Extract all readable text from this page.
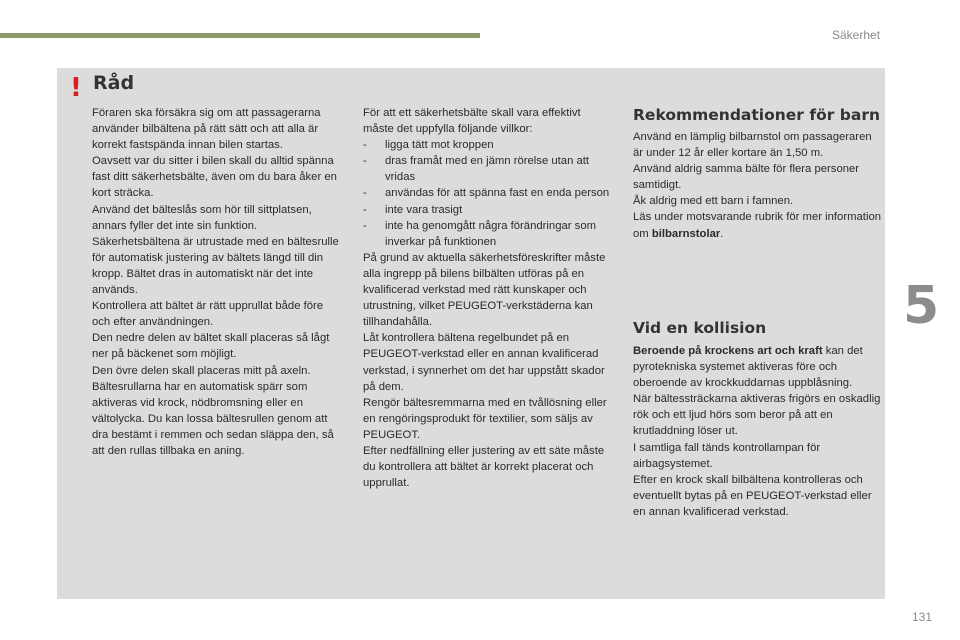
Säkerhet
5
! Råd

Föraren ska försäkra sig om att passagerarna använder bilbältena på rätt sätt och att alla är korrekt fastspända innan bilen startas.

Oavsett var du sitter i bilen skall du alltid spänna fast ditt säkerhetsbälte, även om du bara åker en kort sträcka.

Använd det bälteslås som hör till sittplatsen, annars fyller det inte sin funktion.

Säkerhetsbältena är utrustade med en bältesrulle för automatisk justering av bältets längd till din kropp. Bältet dras in automatiskt när det inte används.

Kontrollera att bältet är rätt upprullat både före och efter användningen.

Den nedre delen av bältet skall placeras så lågt ner på bäckenet som möjligt.

Den övre delen skall placeras mitt på axeln.

Bältesrullarna har en automatisk spärr som aktiveras vid krock, nödbromsning eller en vältolycka. Du kan lossa bältesrullen genom att dra bestämt i remmen och sedan släppa den, så att den rullas tillbaka en aning.

För att ett säkerhetsbälte skall vara effektivt måste det uppfylla följande villkor:

- ligga tätt mot kroppen

- dras framåt med en jämn rörelse utan att vridas

- användas för att spänna fast en enda person

- inte vara trasigt

- inte ha genomgått några förändringar som inverkar på funktionen

På grund av aktuella säkerhetsföreskrifter måste alla ingrepp på bilens bilbälten utföras på en kvalificerad verkstad med rätt kunskaper och utrustning, vilket PEUGEOT-verkstäderna kan tillhandahålla.

Låt kontrollera bältena regelbundet på en PEUGEOT-verkstad eller en annan kvalificerad verkstad, i synnerhet om det har uppstått skador på dem.

Rengör bältesremmarna med en tvållösning eller en rengöringsprodukt för textilier, som säljs av PEUGEOT.

Efter nedfällning eller justering av ett säte måste du kontrollera att bältet är korrekt placerat och upprullat.

Rekommendationer för barn

Använd en lämplig bilbarnstol om passageraren är under 12 år eller kortare än 1,50 m.

Använd aldrig samma bälte för flera personer samtidigt.

Åk aldrig med ett barn i famnen.

Läs under motsvarande rubrik för mer information om bilbarnstolar.

Vid en kollision

Beroende på krockens art och kraft kan det pyrotekniska systemet aktiveras före och oberoende av krockkuddarnas uppblåsning.

När bältessträckarna aktiveras frigörs en oskadlig rök och ett ljud hörs som beror på att en krutladdning löser ut.

I samtliga fall tänds kontrollampan för airbagsystemet.

Efter en krock skall bilbältena kontrolleras och eventuellt bytas på en PEUGEOT-verkstad eller en annan kvalificerad verkstad.

131
